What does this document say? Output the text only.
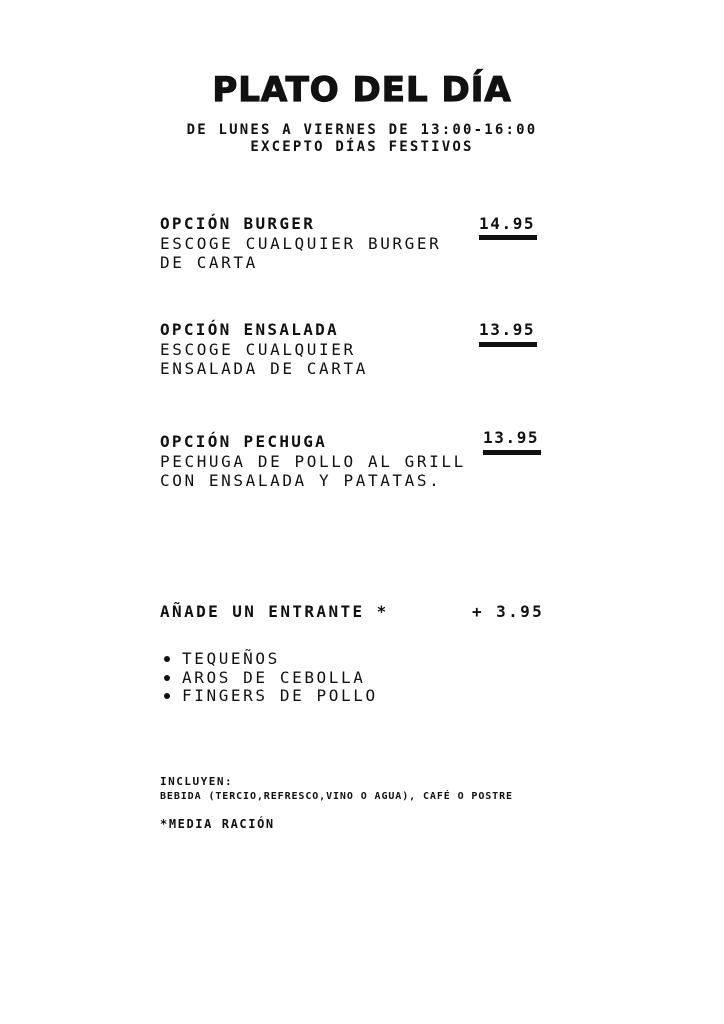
PLATO DEL DÍA
DE LUNES A VIERNES DE 13:00-16:00
EXCEPTO DÍAS FESTIVOS
OPCIÓN BURGER
ESCOGE CUALQUIER BURGER
DE CARTA
14.95
OPCIÓN ENSALADA
ESCOGE CUALQUIER
ENSALADA DE CARTA
13.95
OPCIÓN PECHUGA
PECHUGA DE POLLO AL GRILL
CON ENSALADA Y PATATAS.
13.95
AÑADE UN ENTRANTE *	+ 3.95
TEQUEÑOS
AROS DE CEBOLLA
FINGERS DE POLLO
INCLUYEN:
BEBIDA (TERCIO,REFRESCO,VINO O AGUA), CAFÉ O POSTRE
*MEDIA RACIÓN
